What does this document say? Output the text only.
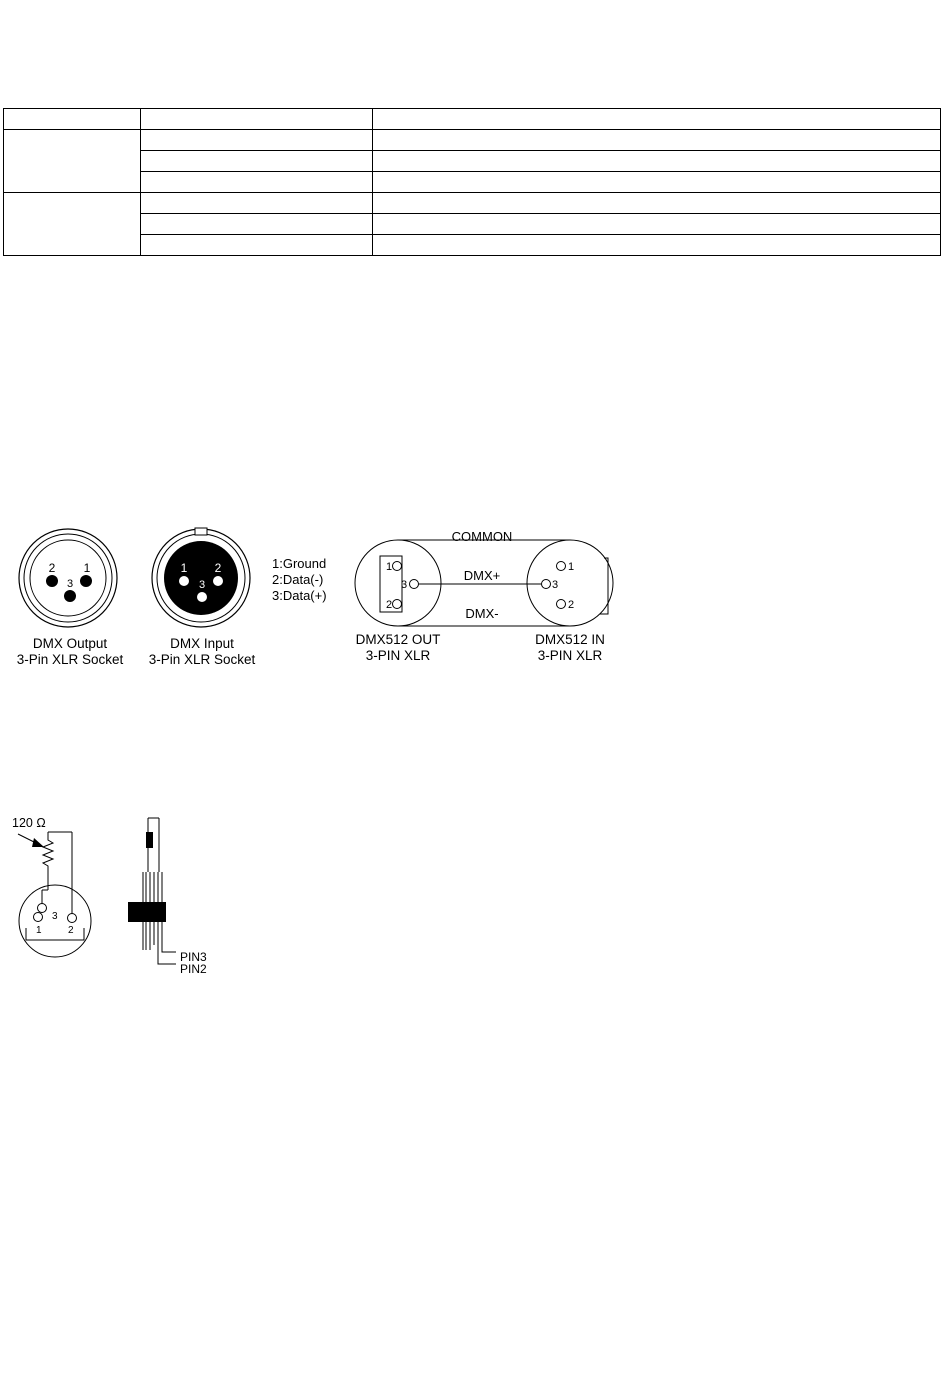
2 1
3
DMX Output
3-Pin XLR Socket
1 2
3
DMX Input
3-Pin XLR Socket
1:Ground
2:Data(-)
3:Data(+)
1
3
2
1
3
2
COMMON
DMX+
DMX-
DMX512 OUT
3-PIN XLR
DMX512 IN
3-PIN XLR
120 Ω
1
3
2
PIN3
PIN2
